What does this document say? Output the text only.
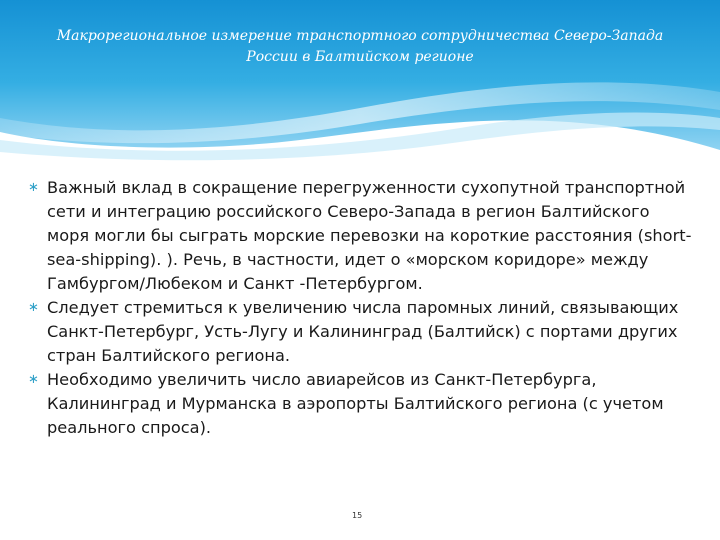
Макрорегиональное измерение транспортного сотрудничества Северо-Запада России в Балтийском регионе

∗ Важный вклад в сокращение перегруженности сухопутной транспортной сети и интеграцию российского Северо-Запада в регион Балтийского моря могли бы сыграть морские перевозки на короткие расстояния (short-sea-shipping). ). Речь, в частности, идет о «морском коридоре» между Гамбургом/Любеком и Санкт -Петербургом.

∗ Следует стремиться к увеличению числа паромных линий, связывающих Санкт-Петербург, Усть-Лугу и Калининград (Балтийск) с портами других стран Балтийского региона.

∗ Необходимо увеличить число авиарейсов из Санкт-Петербурга, Калининград и Мурманска в аэропорты Балтийского региона (с учетом реального спроса).

15
